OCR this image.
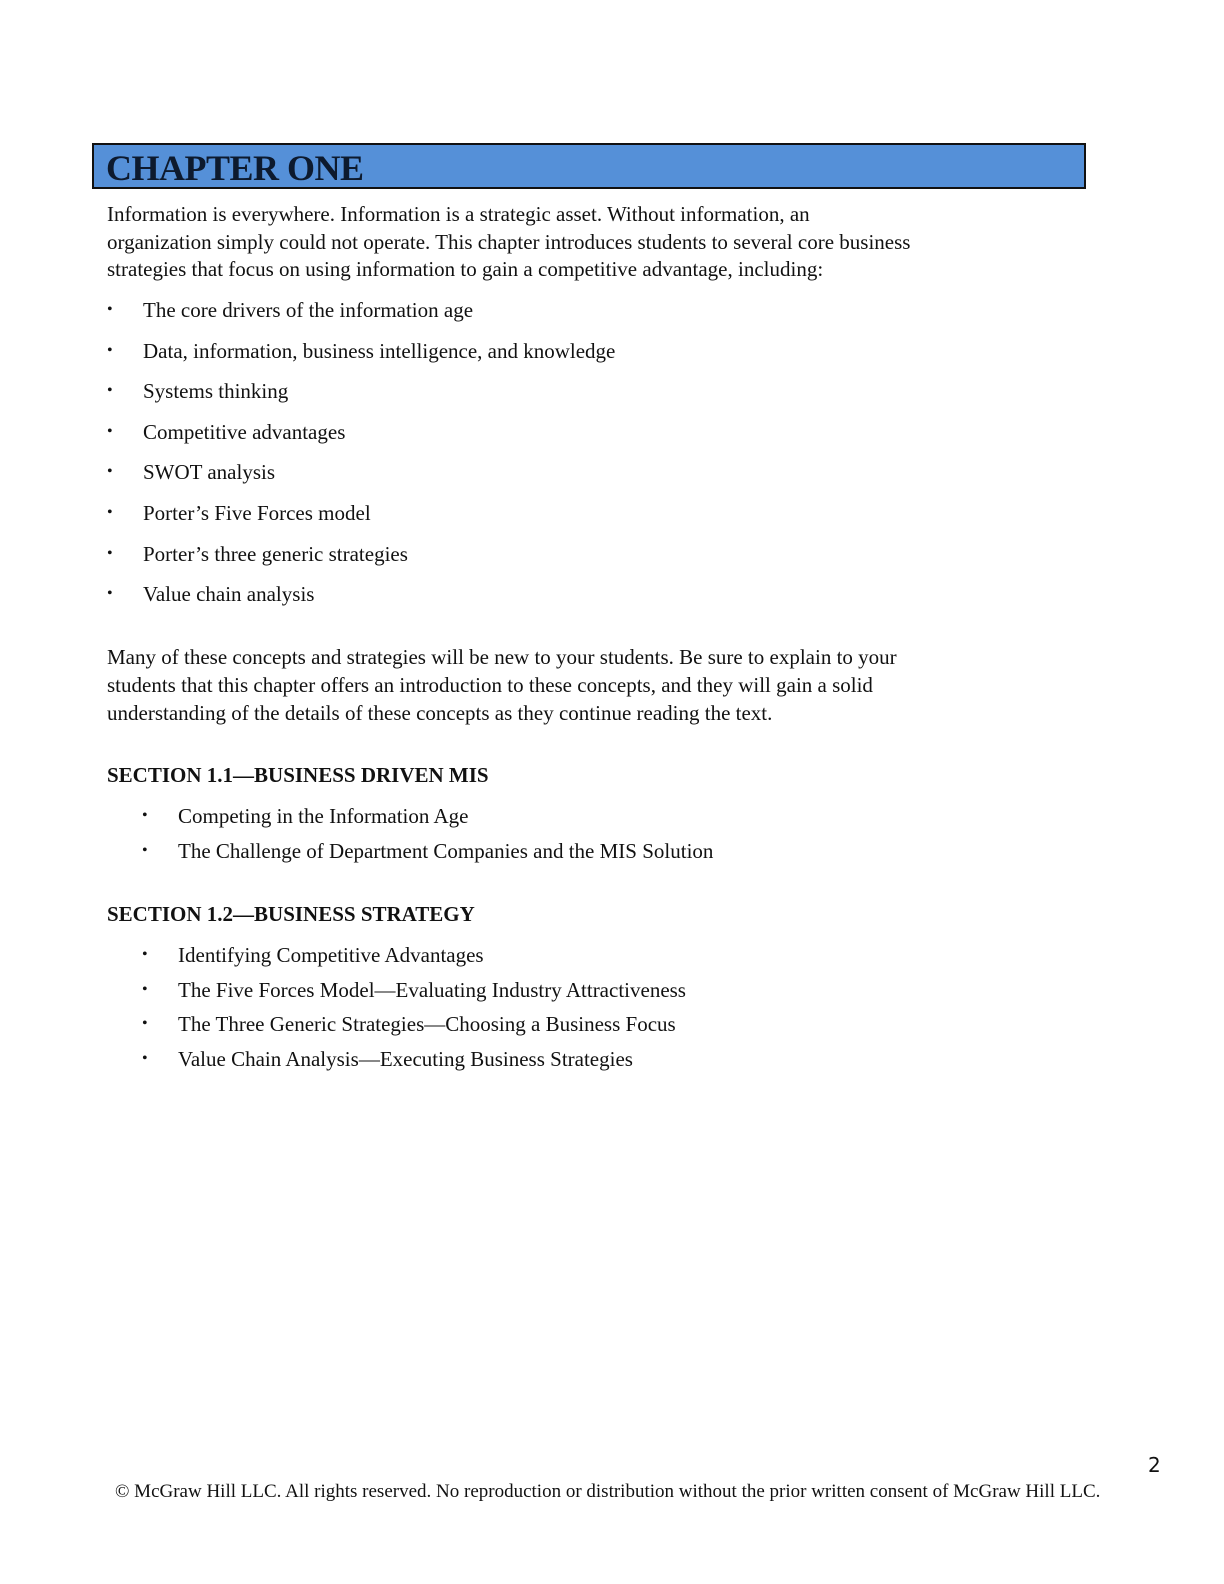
CHAPTER ONE

Information is everywhere. Information is a strategic asset. Without information, an
organization simply could not operate. This chapter introduces students to several core business
strategies that focus on using information to gain a competitive advantage, including:

• The core drivers of the information age
• Data, information, business intelligence, and knowledge
• Systems thinking
• Competitive advantages
• SWOT analysis
• Porter’s Five Forces model
• Porter’s three generic strategies
• Value chain analysis

Many of these concepts and strategies will be new to your students. Be sure to explain to your
students that this chapter offers an introduction to these concepts, and they will gain a solid
understanding of the details of these concepts as they continue reading the text.

SECTION 1.1—BUSINESS DRIVEN MIS
• Competing in the Information Age
• The Challenge of Department Companies and the MIS Solution
SECTION 1.2—BUSINESS STRATEGY
• Identifying Competitive Advantages
• The Five Forces Model—Evaluating Industry Attractiveness
• The Three Generic Strategies—Choosing a Business Focus
• Value Chain Analysis—Executing Business Strategies

2

© McGraw Hill LLC. All rights reserved. No reproduction or distribution without the prior written consent of McGraw Hill LLC.
